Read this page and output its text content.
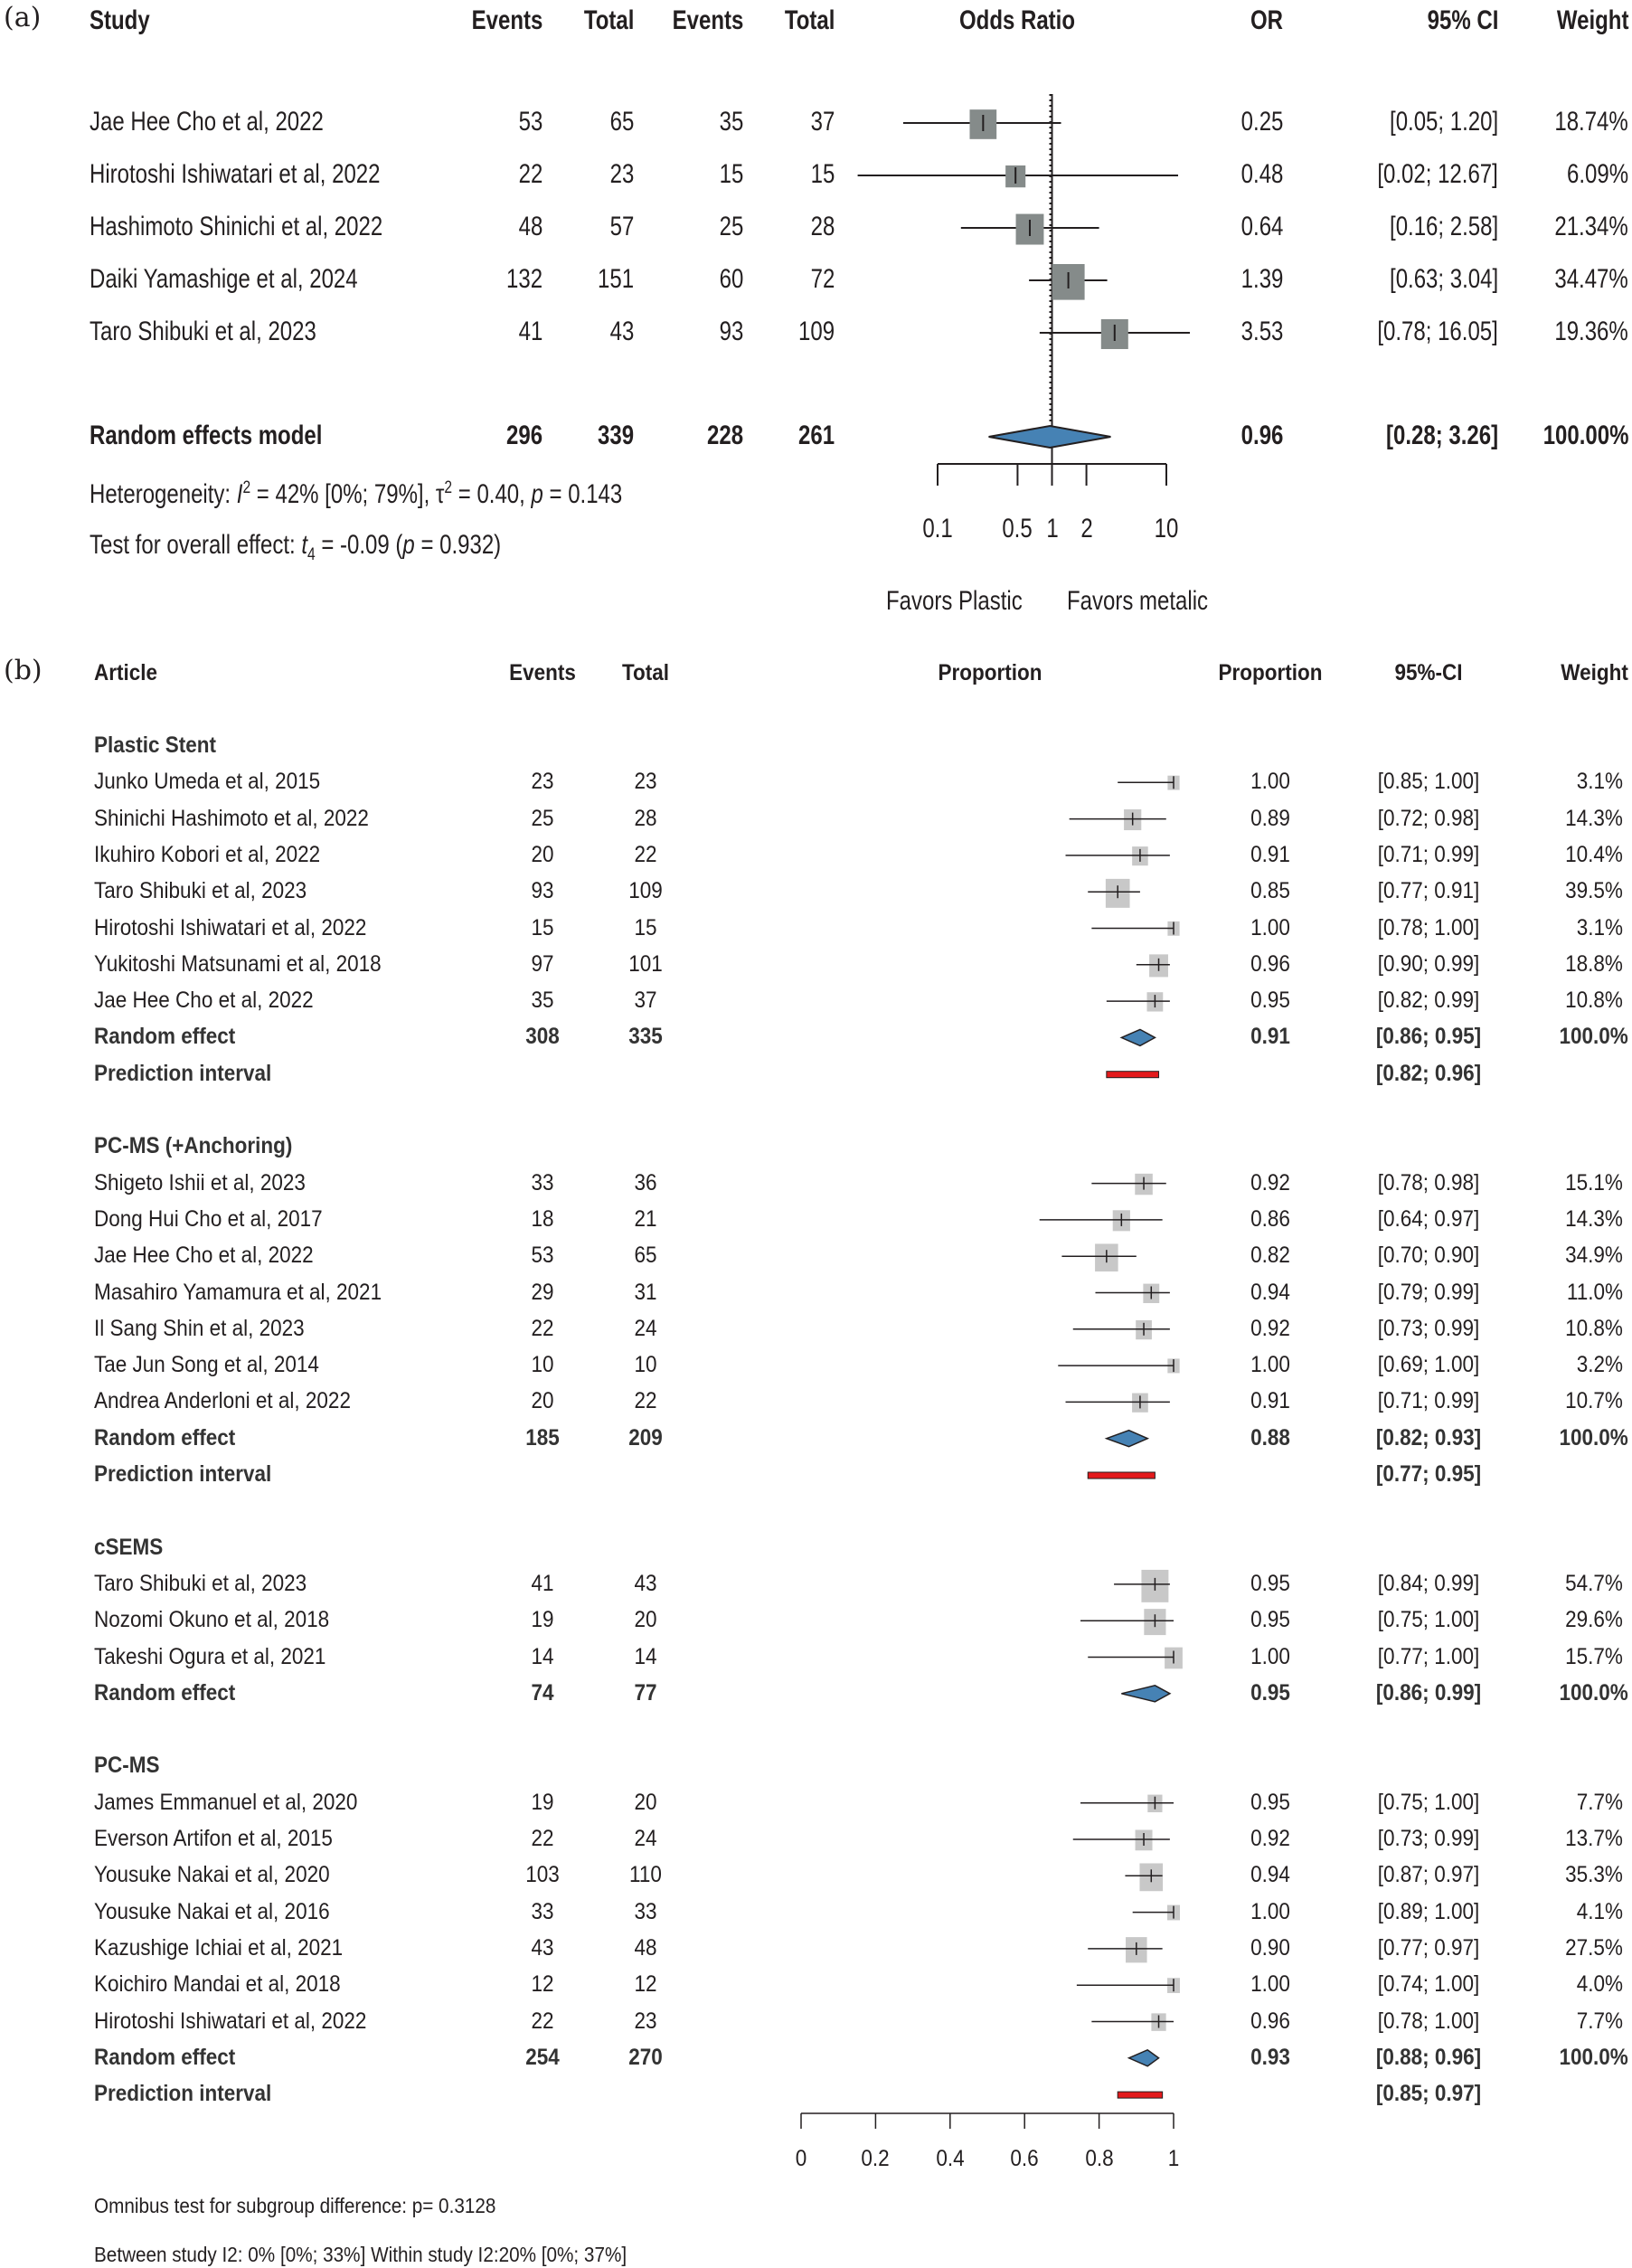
(a) Study	Events Total Events Total	Odds Ratio	OR	95% CI Weight
Jae Hee Cho et al, 2022	53 65	35 37	0.25	[0.05; 1.20] 18.74%
Hirotoshi Ishiwatari et al, 2022	22 23	15 15	0.48	[0.02; 12.67]	6.09%
Hashimoto Shinichi et al, 2022	48 57	25 28	0.64	[0.16; 2.58] 21.34%
Daiki Yamashige et al, 2024	132 151	60 72	1.39	[0.63; 3.04] 34.47%
Taro Shibuki et al, 2023	41 43	93 109	3.53	[0.78; 16.05] 19.36%
Random effects model	296 339	228 261	0.96	[0.28; 3.26] 100.00%
Heterogeneity: $I^2 = 42\%$ [0%; 79%], $\tau^2 = 0.40$, p = 0.143
Test for overall effect: $t_4 = -0.09$ (p = 0.932)
0.1 0.5 1 2	10
Favors Plastic Favors metalic
(b) Article	Events	Total	Proportion	Proportion	95%-CI	Weight
Plastic Stent
Junko Umeda et al, 2015	23	23	1.00	[0.85; 1.00]	3.1%
Shinichi Hashimoto et al, 2022	25	28	0.89	[0.72; 0.98]	14.3%
Ikuhiro Kobori et al, 2022	20	22	0.91	[0.71; 0.99]	10.4%
Taro Shibuki et al, 2023	93	109	0.85	[0.77; 0.91]	39.5%
Hirotoshi Ishiwatari et al, 2022	15	15	1.00	[0.78; 1.00]	3.1%
Yukitoshi Matsunami et al, 2018	97	101	0.96	[0.90; 0.99]	18.8%
Jae Hee Cho et al, 2022	35	37	0.95	[0.82; 0.99]	10.8%
Random effect	308	335	0.91	[0.86; 0.95]	100.0%
Prediction interval	[0.82; 0.96]
PC-MS (+Anchoring)
Shigeto Ishii et al, 2023	33	36	0.92	[0.78; 0.98]	15.1%
Dong Hui Cho et al, 2017	18	21	0.86	[0.64; 0.97]	14.3%
Jae Hee Cho et al, 2022	53	65	0.82	[0.70; 0.90]	34.9%
Masahiro Yamamura et al, 2021	29	31	0.94	[0.79; 0.99]	11.0%
Il Sang Shin et al, 2023	22	24	0.92	[0.73; 0.99]	10.8%
Tae Jun Song et al, 2014	10	10	1.00	[0.69; 1.00]	3.2%
Andrea Anderloni et al, 2022	20	22	0.91	[0.71; 0.99]	10.7%
Random effect	185	209	0.88	[0.82; 0.93]	100.0%
Prediction interval	[0.77; 0.95]
cSEMS
Taro Shibuki et al, 2023	41	43	0.95	[0.84; 0.99]	54.7%
Nozomi Okuno et al, 2018	19	20	0.95	[0.75; 1.00]	29.6%
Takeshi Ogura et al, 2021	14	14	1.00	[0.77; 1.00]	15.7%
Random effect	74	77	0.95	[0.86; 0.99]	100.0%
PC-MS
James Emmanuel et al, 2020	19	20	0.95	[0.75; 1.00]	7.7%
Everson Artifon et al, 2015	22	24	0.92	[0.73; 0.99]	13.7%
Yousuke Nakai et al, 2020	103	110	0.94	[0.87; 0.97]	35.3%
Yousuke Nakai et al, 2016	33	33	1.00	[0.89; 1.00]	4.1%
Kazushige Ichiai et al, 2021	43	48	0.90	[0.77; 0.97]	27.5%
Koichiro Mandai et al, 2018	12	12	1.00	[0.74; 1.00]	4.0%
Hirotoshi Ishiwatari et al, 2022	22	23	0.96	[0.78; 1.00]	7.7%
Random effect	254	270	0.93	[0.88; 0.96]	100.0%
Prediction interval	[0.85; 0.97]
0	0.2	0.4	0.6	0.8	1
Omnibus test for subgroup difference: p= 0.3128
Between study I2: 0% [0%; 33%] Within study I2:20% [0%; 37%]
